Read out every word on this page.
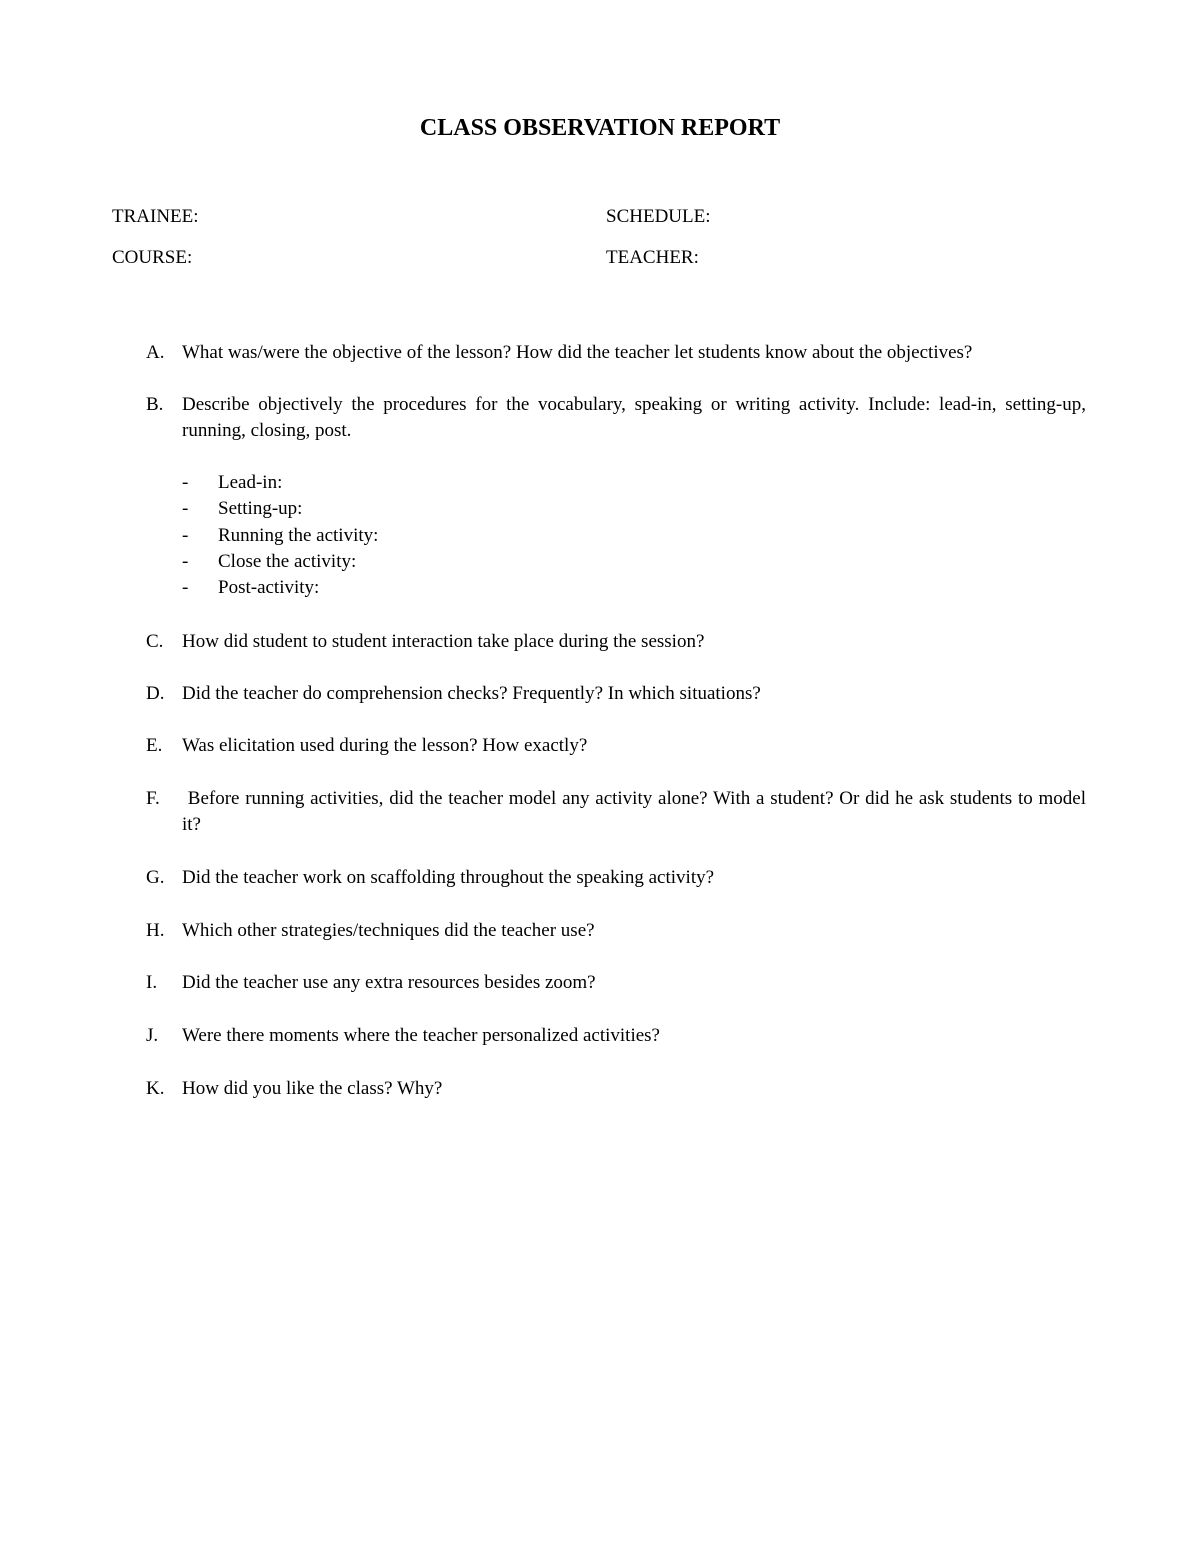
CLASS OBSERVATION REPORT
TRAINEE:	SCHEDULE:
COURSE:	TEACHER:
A. What was/were the objective of the lesson? How did the teacher let students know about the objectives?
B. Describe objectively the procedures for the vocabulary, speaking or writing activity. Include: lead-in, setting-up, running, closing, post.
- Lead-in:
- Setting-up:
- Running the activity:
- Close the activity:
- Post-activity:
C. How did student to student interaction take place during the session?
D. Did the teacher do comprehension checks? Frequently? In which situations?
E.	Was elicitation used during the lesson? How exactly?
F.	Before running activities, did the teacher model any activity alone? With a student? Or did he ask students to model it?
G. Did the teacher work on scaffolding throughout the speaking activity?
H. Which other strategies/techniques did the teacher use?
I.	Did the teacher use any extra resources besides zoom?
J.	Were there moments where the teacher personalized activities?
K. How did you like the class? Why?
